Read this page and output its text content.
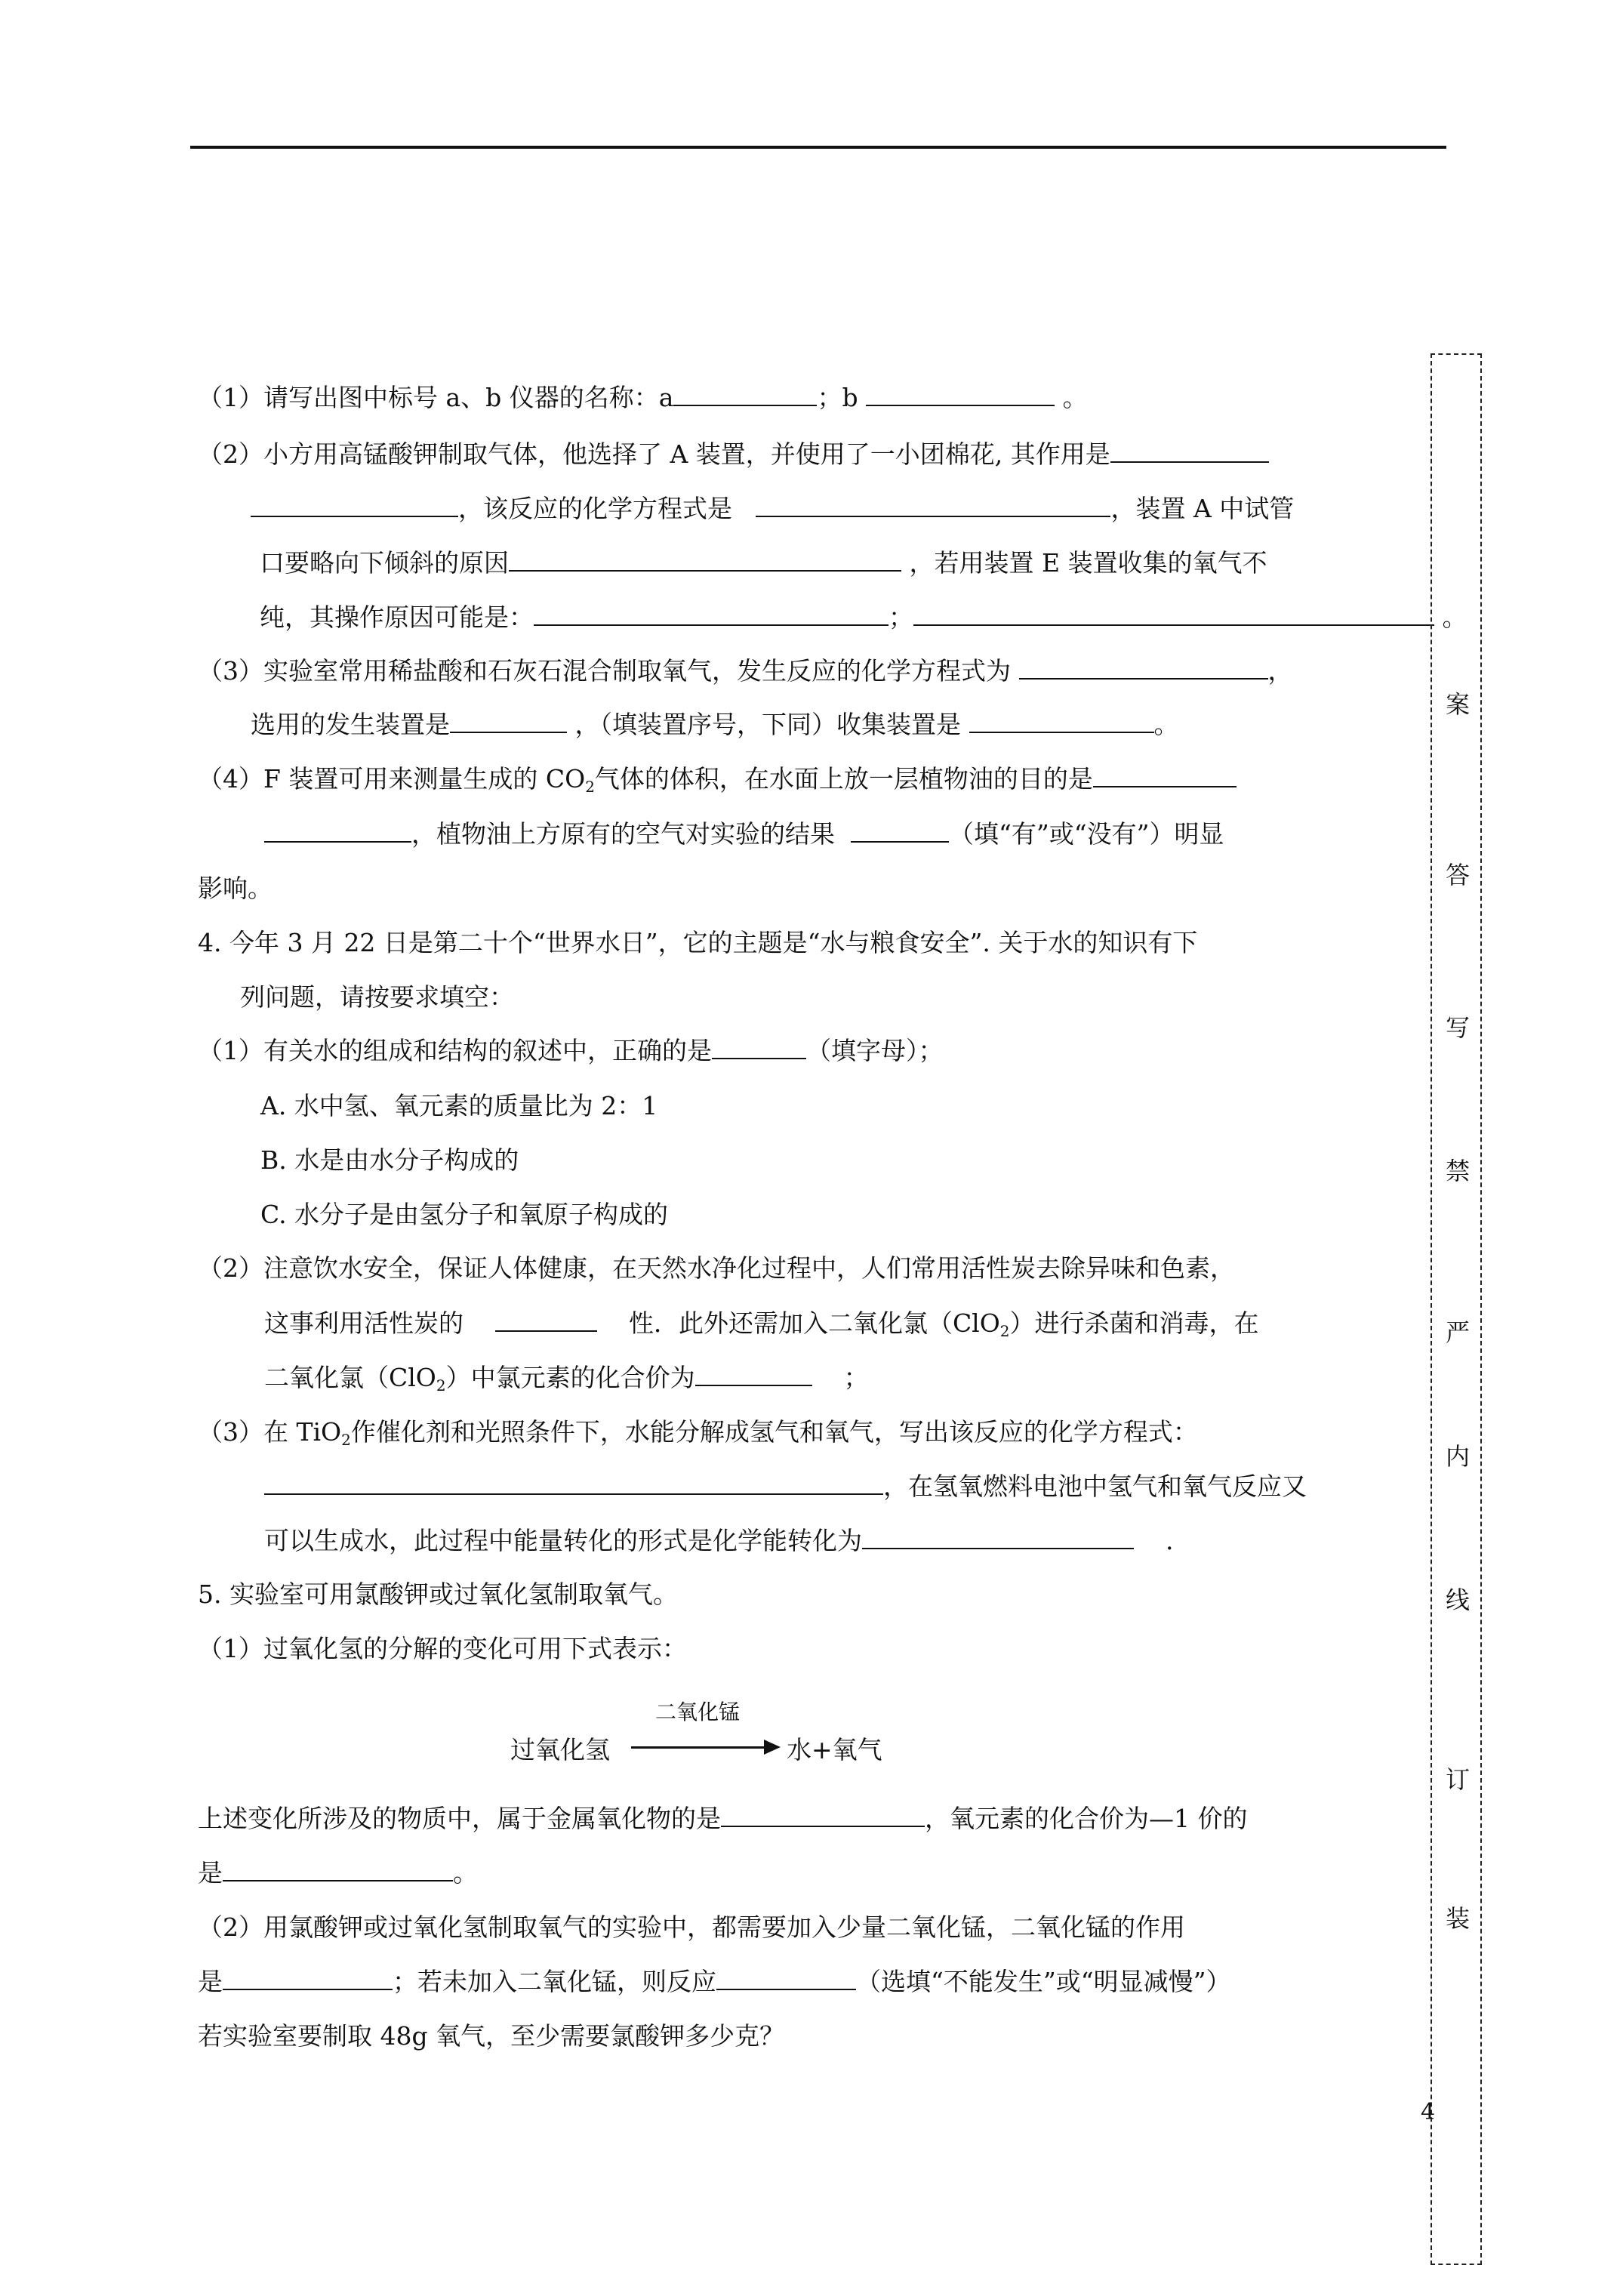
（1）请写出图中标号 a、b 仪器的名称：a	；b	。
（2）小方用高锰酸钾制取气体，他选择了 A 装置，并使用了一小团棉花, 其作用是
，该反应的化学方程式是	，装置 A 中试管
口要略向下倾斜的原因	，若用装置 E 装置收集的氧气不
纯，其操作原因可能是：	；	。
（3）实验室常用稀盐酸和石灰石混合制取氧气，发生反应的化学方程式为	，
选用的发生装置是	，（填装置序号，下同）收集装置是	。
（4）F 装置可用来测量生成的 $CO_2$气体的体积，在水面上放一层植物油的目的是
，植物油上方原有的空气对实验的结果	（填“有”或“没有”）明显
影响。
4. 今年 3 月 22 日是第二十个“世界水日”，它的主题是“水与粮食安全”. 关于水的知识有下
列问题，请按要求填空：
（1）有关水的组成和结构的叙述中，正确的是	（填字母）；
A. 水中氢、氧元素的质量比为 2：1
B. 水是由水分子构成的
C. 水分子是由氢分子和氧原子构成的
（2）注意饮水安全，保证人体健康，在天然水净化过程中，人们常用活性炭去除异味和色素，
这事利用活性炭的	性．此外还需加入二氧化氯（ClO$_2$）进行杀菌和消毒，在
二氧化氯（ClO$_2$）中氯元素的化合价为	；
（3）在 TiO$_2$作催化剂和光照条件下，水能分解成氢气和氧气，写出该反应的化学方程式：
，在氢氧燃料电池中氢气和氧气反应又
可以生成水，此过程中能量转化的形式是化学能转化为	.
5. 实验室可用氯酸钾或过氧化氢制取氧气。
（1）过氧化氢的分解的变化可用下式表示：
二氧化锰
过氧化氢	水+氧气
上述变化所涉及的物质中，属于金属氧化物的是	，氧元素的化合价为—1 价的
是	。
（2）用氯酸钾或过氧化氢制取氧气的实验中，都需要加入少量二氧化锰，二氧化锰的作用
是	；若未加入二氧化锰，则反应	（选填“不能发生”或“明显减慢”）
若实验室要制取 48g 氧气，至少需要氯酸钾多少克？
案
答
写
禁
严
内
线
订
装
4
